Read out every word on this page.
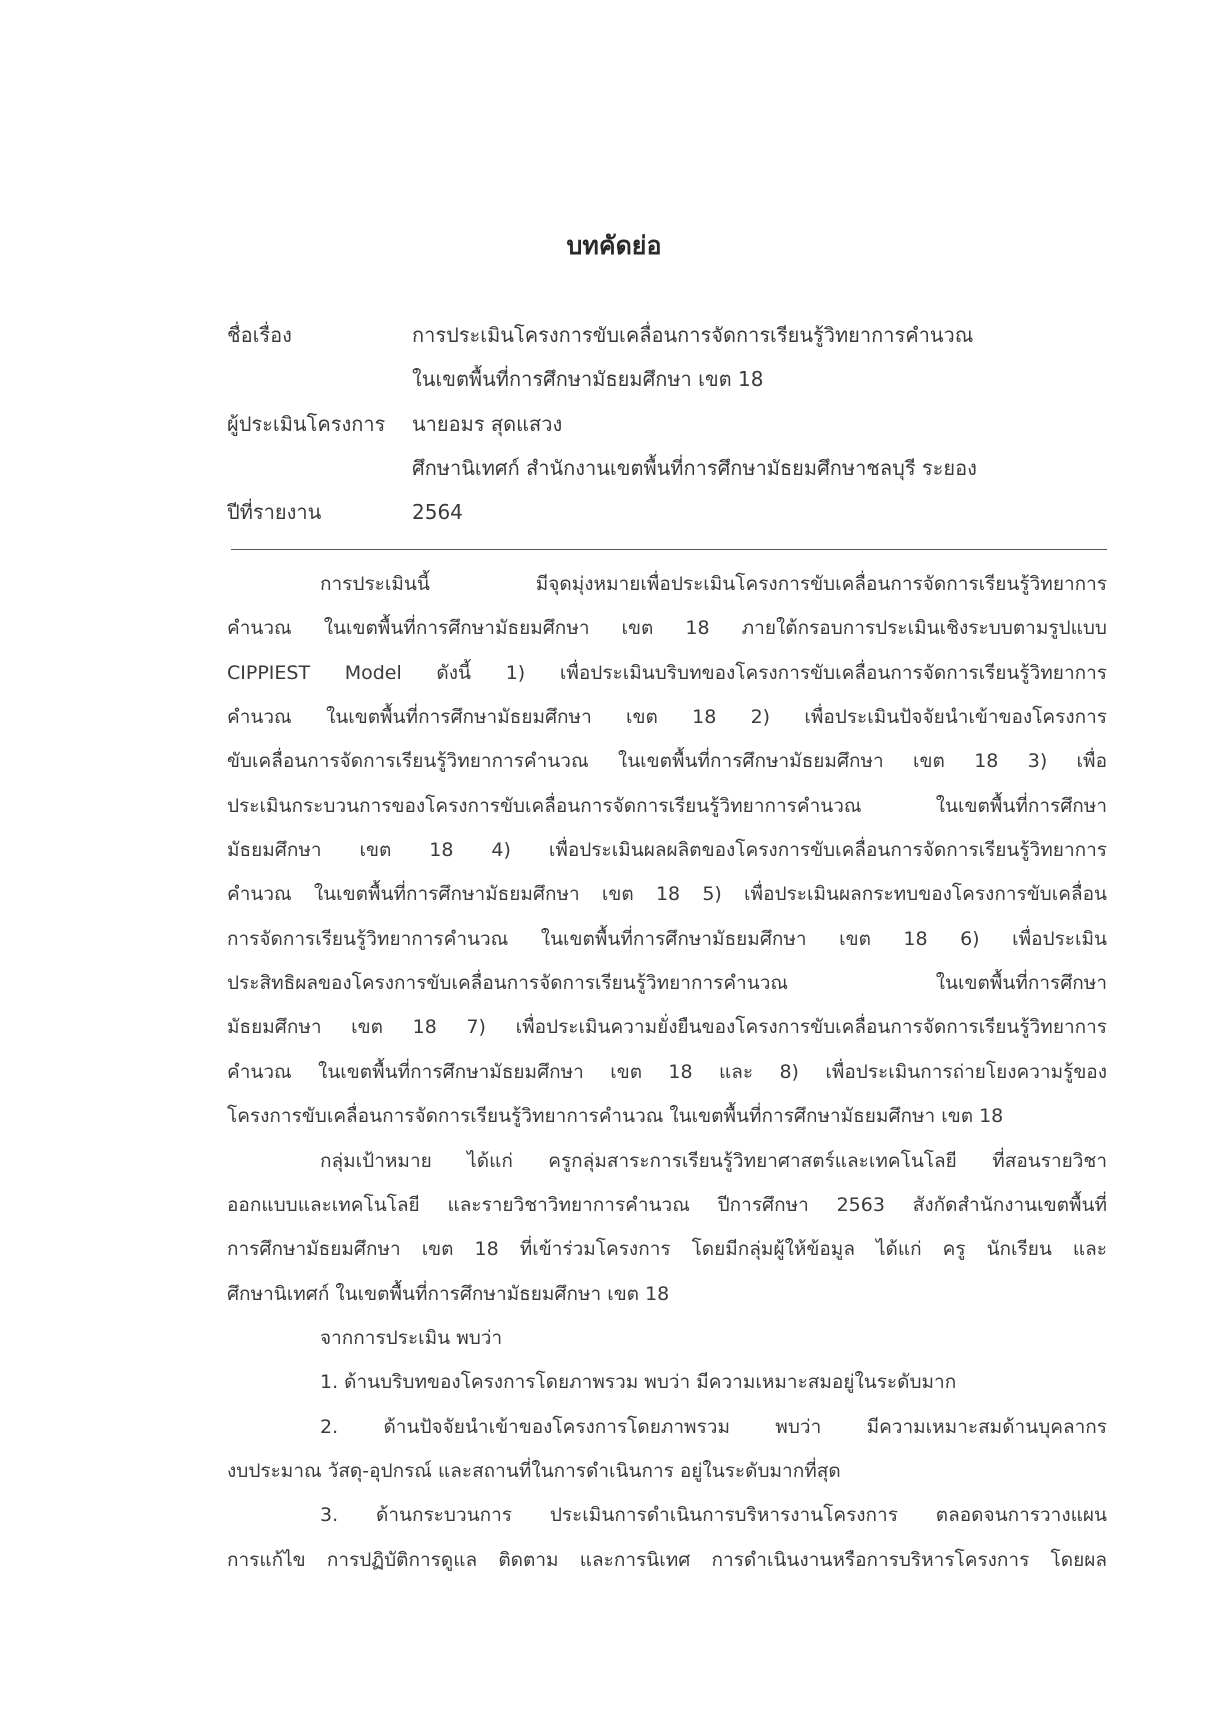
บทคัดย่อ
ชื่อเรื่อง	การประเมินโครงการขับเคลื่อนการจัดการเรียนรู้วิทยาการคำนวณ
ในเขตพื้นที่การศึกษามัธยมศึกษา เขต 18
ผู้ประเมินโครงการ นายอมร สุดแสวง
ศึกษานิเทศก์ สำนักงานเขตพื้นที่การศึกษามัธยมศึกษาชลบุรี ระยอง
ปีที่รายงาน	2564
การประเมินนี้ มีจุดมุ่งหมายเพื่อประเมินโครงการขับเคลื่อนการจัดการเรียนรู้วิทยาการ
คำนวณ ในเขตพื้นที่การศึกษามัธยมศึกษา เขต 18 ภายใต้กรอบการประเมินเชิงระบบตามรูปแบบ
CIPPIEST Model ดังนี้ 1) เพื่อประเมินบริบทของโครงการขับเคลื่อนการจัดการเรียนรู้วิทยาการ
คำนวณ ในเขตพื้นที่การศึกษามัธยมศึกษา เขต 18 2) เพื่อประเมินปัจจัยนำเข้าของโครงการ
ขับเคลื่อนการจัดการเรียนรู้วิทยาการคำนวณ ในเขตพื้นที่การศึกษามัธยมศึกษา เขต 18 3) เพื่อ
ประเมินกระบวนการของโครงการขับเคลื่อนการจัดการเรียนรู้วิทยาการคำนวณ ในเขตพื้นที่การศึกษา
มัธยมศึกษา เขต 18 4) เพื่อประเมินผลผลิตของโครงการขับเคลื่อนการจัดการเรียนรู้วิทยาการ
คำนวณ ในเขตพื้นที่การศึกษามัธยมศึกษา เขต 18 5) เพื่อประเมินผลกระทบของโครงการขับเคลื่อน
การจัดการเรียนรู้วิทยาการคำนวณ ในเขตพื้นที่การศึกษามัธยมศึกษา เขต 18 6) เพื่อประเมิน
ประสิทธิผลของโครงการขับเคลื่อนการจัดการเรียนรู้วิทยาการคำนวณ ในเขตพื้นที่การศึกษา
มัธยมศึกษา เขต 18 7) เพื่อประเมินความยั่งยืนของโครงการขับเคลื่อนการจัดการเรียนรู้วิทยาการ
คำนวณ ในเขตพื้นที่การศึกษามัธยมศึกษา เขต 18 และ 8) เพื่อประเมินการถ่ายโยงความรู้ของ
โครงการขับเคลื่อนการจัดการเรียนรู้วิทยาการคำนวณ ในเขตพื้นที่การศึกษามัธยมศึกษา เขต 18
กลุ่มเป้าหมาย ได้แก่ ครูกลุ่มสาระการเรียนรู้วิทยาศาสตร์และเทคโนโลยี ที่สอนรายวิชา
ออกแบบและเทคโนโลยี และรายวิชาวิทยาการคำนวณ ปีการศึกษา 2563 สังกัดสำนักงานเขตพื้นที่
การศึกษามัธยมศึกษา เขต 18 ที่เข้าร่วมโครงการ โดยมีกลุ่มผู้ให้ข้อมูล ได้แก่ ครู นักเรียน และ
ศึกษานิเทศก์ ในเขตพื้นที่การศึกษามัธยมศึกษา เขต 18
จากการประเมิน พบว่า
1. ด้านบริบทของโครงการโดยภาพรวม พบว่า มีความเหมาะสมอยู่ในระดับมาก
2. ด้านปัจจัยนำเข้าของโครงการโดยภาพรวม พบว่า มีความเหมาะสมด้านบุคลากร
งบประมาณ วัสดุ-อุปกรณ์ และสถานที่ในการดำเนินการ อยู่ในระดับมากที่สุด
3. ด้านกระบวนการ ประเมินการดำเนินการบริหารงานโครงการ ตลอดจนการวางแผน
การแก้ไข การปฏิบัติการดูแล ติดตาม และการนิเทศ การดำเนินงานหรือการบริหารโครงการ โดยผล
